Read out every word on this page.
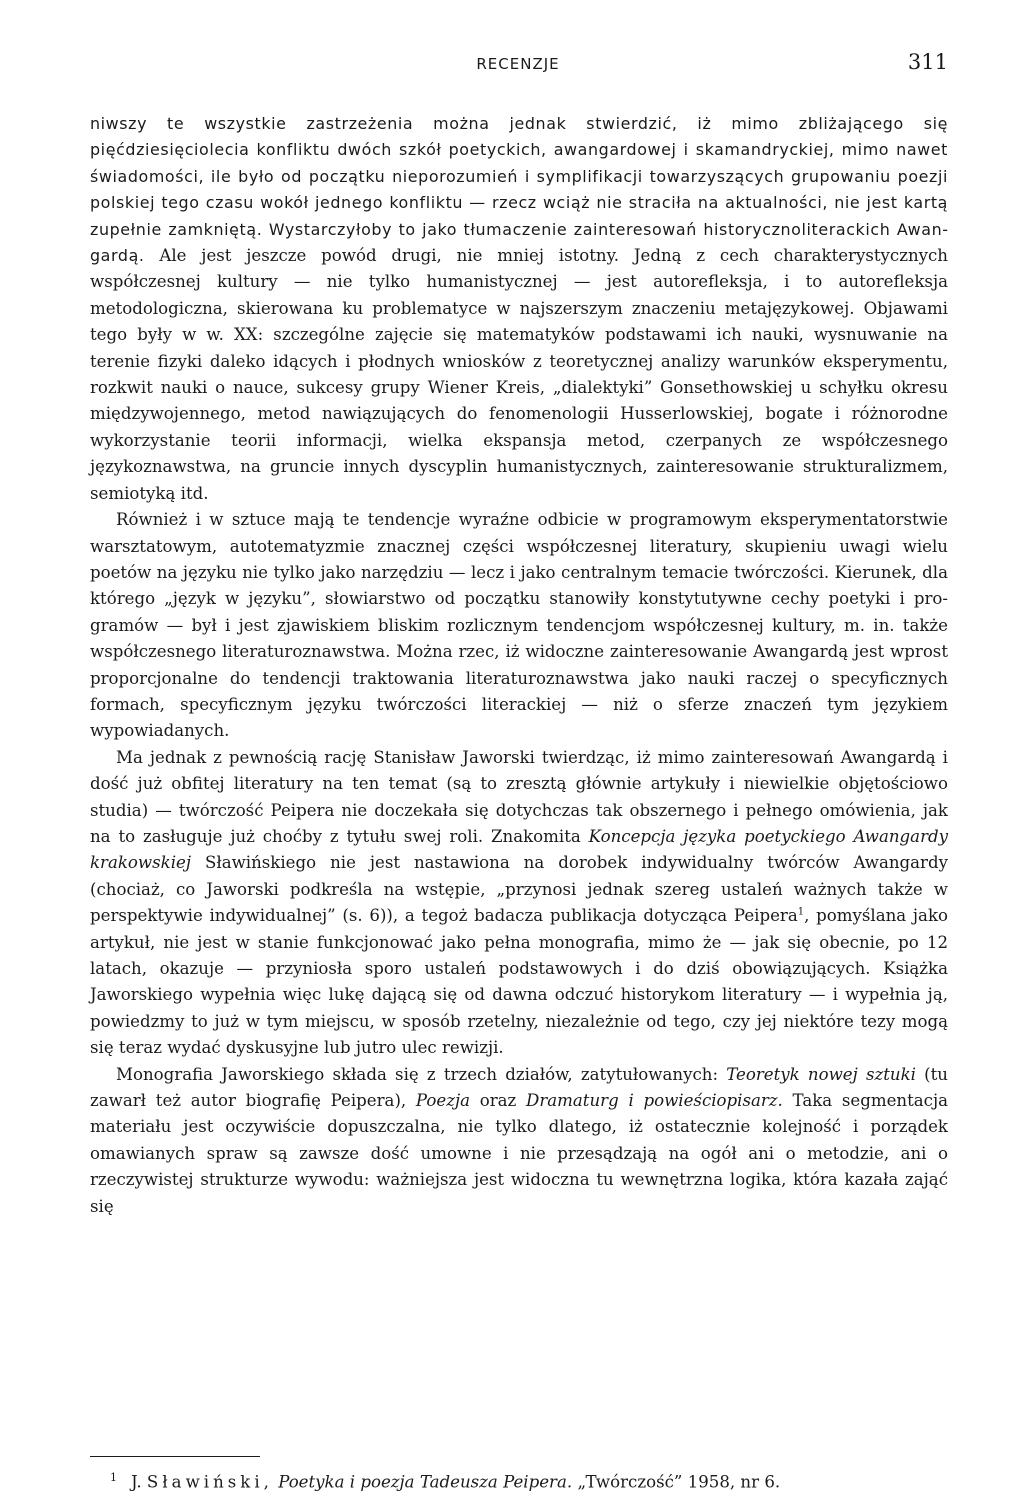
RECENZJE	311

niwszy te wszystkie zastrzeżenia można jednak stwierdzić, iż mimo zbliżającego się pięćdziesięciolecia konfliktu dwóch szkół poetyckich, awangardowej i skamandryckiej, mimo nawet świadomości, ile było od początku nieporozumień i symplifikacji towarzyszących grupowaniu poezji polskiej tego czasu wokół jednego konfliktu — rzecz wciąż nie straciła na aktualności, nie jest kartą zupełnie zamkniętą. Wystarczyłoby to jako tłumaczenie zainteresowań historycznoliterackich Awangardą. Ale jest jeszcze powód drugi, nie mniej istotny. Jedną z cech charakterystycznych współczesnej kultury — nie tylko humanistycznej — jest autorefleksja, i to autorefleksja metodologiczna, skierowana ku problematyce w najszerszym znaczeniu metajęzykowej. Objawami tego były w w. XX: szczególne zajęcie się matematyków podstawami ich nauki, wysnuwanie na terenie fizyki daleko idących i płodnych wniosków z teoretycznej analizy warunków eksperymentu, rozkwit nauki o nauce, sukcesy grupy Wiener Kreis, „dialektyki” Gonsethowskiej u schyłku okresu międzywojennego, metod nawiązujących do fenomenologii Husserlowskiej, bogate i różnorodne wykorzystanie teorii informacji, wielka ekspansja metod, czerpanych ze współczesnego językoznawstwa, na gruncie innych dyscyplin humanistycznych, zainteresowanie strukturalizmem, semiotyką itd.

Również i w sztuce mają te tendencje wyraźne odbicie w programowym eksperymentatorstwie warsztatowym, autotematyzmie znacznej części współczesnej literatury, skupieniu uwagi wielu poetów na języku nie tylko jako narzędziu — lecz i jako centralnym temacie twórczości. Kierunek, dla którego „język w języku”, słowiarstwo od początku stanowiły konstytutywne cechy poetyki i programów — był i jest zjawiskiem bliskim rozlicznym tendencjom współczesnej kultury, m. in. także współczesnego literaturoznawstwa. Można rzec, iż widoczne zainteresowanie Awangardą jest wprost proporcjonalne do tendencji traktowania literaturoznawstwa jako nauki raczej o specyficznych formach, specyficznym języku twórczości literackiej — niż o sferze znaczeń tym językiem wypowiadanych.

Ma jednak z pewnością rację Stanisław Jaworski twierdząc, iż mimo zainteresowań Awangardą i dość już obfitej literatury na ten temat (są to zresztą głównie artykuły i niewielkie objętościowo studia) — twórczość Peipera nie doczekała się dotychczas tak obszernego i pełnego omówienia, jak na to zasługuje już choćby z tytułu swej roli. Znakomita Koncepcja języka poetyckiego Awangardy krakowskiej Sławińskiego nie jest nastawiona na dorobek indywidualny twórców Awangardy (chociaż, co Jaworski podkreśla na wstępie, „przynosi jednak szereg ustaleń ważnych także w perspektywie indywidualnej” (s. 6)), a tegoż badacza publikacja dotycząca Peipera$^1$, pomyślana jako artykuł, nie jest w stanie funkcjonować jako pełna monografia, mimo że — jak się obecnie, po 12 latach, okazuje — przyniosła sporo ustaleń podstawowych i do dziś obowiązujących. Książka Jaworskiego wypełnia więc lukę dającą się od dawna odczuć historykom literatury — i wypełnia ją, powiedzmy to już w tym miejscu, w sposób rzetelny, niezależnie od tego, czy jej niektóre tezy mogą się teraz wydać dyskusyjne lub jutro ulec rewizji.

Monografia Jaworskiego składa się z trzech działów, zatytułowanych: Teoretyk nowej sztuki (tu zawarł też autor biografię Peipera), Poezja oraz Dramaturg i powieściopisarz. Taka segmentacja materiału jest oczywiście dopuszczalna, nie tylko dlatego, iż ostatecznie kolejność i porządek omawianych spraw są zawsze dość umowne i nie przesądzają na ogół ani o metodzie, ani o rzeczywistej strukturze wywodu: ważniejsza jest widoczna tu wewnętrzna logika, która kazała zająć się

$^1$ J. Sławiński, Poetyka i poezja Tadeusza Peipera. „Twórczość” 1958, nr 6.
